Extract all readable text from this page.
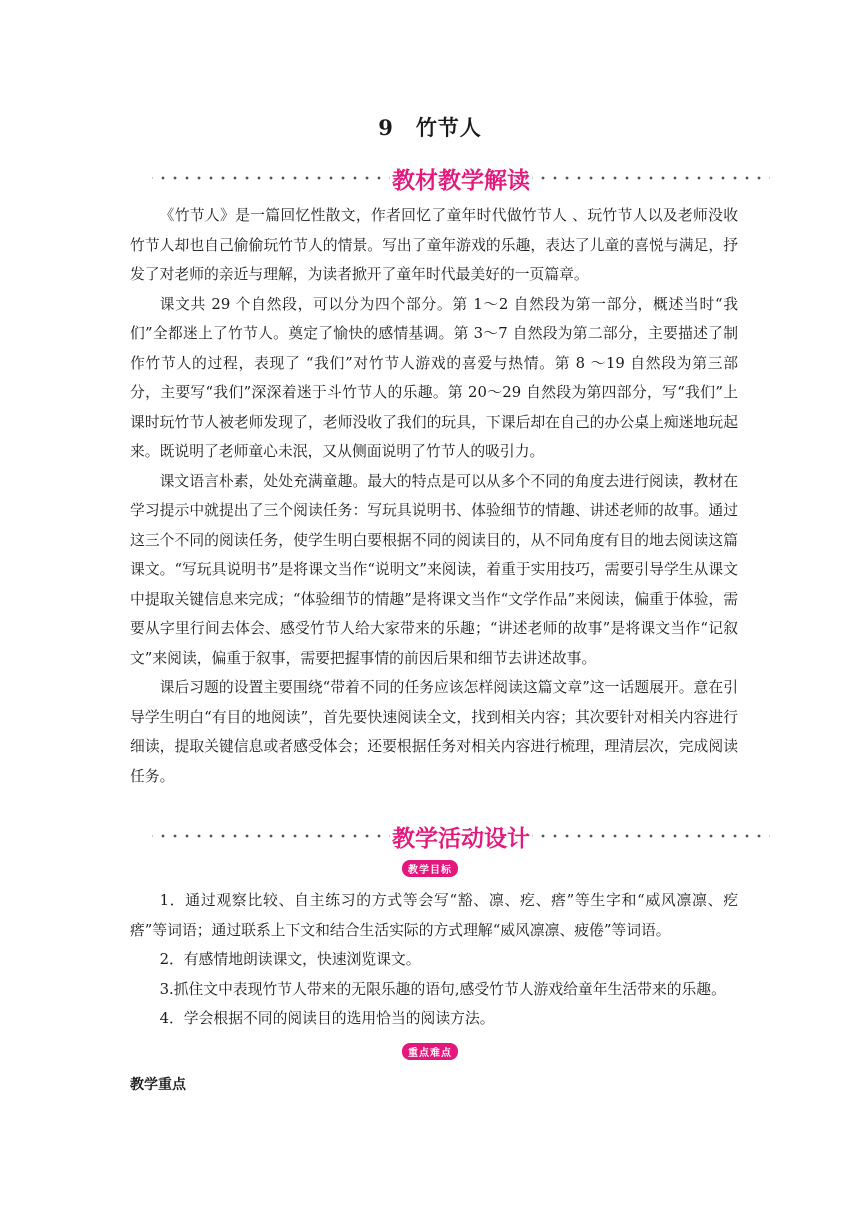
9 竹节人
教材教学解读

《竹节人》是一篇回忆性散文，作者回忆了童年时代做竹节人 、玩竹节人以及老师没收竹节人却也自己偷偷玩竹节人的情景。写出了童年游戏的乐趣，表达了儿童的喜悦与满足，抒发了对老师的亲近与理解，为读者掀开了童年时代最美好的一页篇章。

课文共 29 个自然段，可以分为四个部分。第 1～2 自然段为第一部分，概述当时“我们”全都迷上了竹节人。奠定了愉快的感情基调。第 3～7 自然段为第二部分，主要描述了制作竹节人的过程，表现了 “我们”对竹节人游戏的喜爱与热情。第 8 ～19 自然段为第三部分，主要写“我们”深深着迷于斗竹节人的乐趣。第 20～29 自然段为第四部分，写“我们”上课时玩竹节人被老师发现了，老师没收了我们的玩具，下课后却在自己的办公桌上痴迷地玩起来。既说明了老师童心未泯，又从侧面说明了竹节人的吸引力。

课文语言朴素，处处充满童趣。最大的特点是可以从多个不同的角度去进行阅读，教材在学习提示中就提出了三个阅读任务：写玩具说明书、体验细节的情趣、讲述老师的故事。通过这三个不同的阅读任务，使学生明白要根据不同的阅读目的，从不同角度有目的地去阅读这篇课文。“写玩具说明书”是将课文当作“说明文”来阅读，着重于实用技巧，需要引导学生从课文中提取关键信息来完成；“体验细节的情趣”是将课文当作“文学作品”来阅读，偏重于体验，需要从字里行间去体会、感受竹节人给大家带来的乐趣；“讲述老师的故事”是将课文当作“记叙文”来阅读，偏重于叙事，需要把握事情的前因后果和细节去讲述故事。

课后习题的设置主要围绕“带着不同的任务应该怎样阅读这篇文章”这一话题展开。意在引导学生明白“有目的地阅读”，首先要快速阅读全文，找到相关内容；其次要针对相关内容进行细读，提取关键信息或者感受体会；还要根据任务对相关内容进行梳理，理清层次，完成阅读任务。

教学活动设计
教学目标

1．通过观察比较、自主练习的方式等会写“豁、凛、疙、瘩”等生字和“威风凛凛、疙瘩”等词语；通过联系上下文和结合生活实际的方式理解“威风凛凛、疲倦”等词语。

2．有感情地朗读课文，快速浏览课文。

3.抓住文中表现竹节人带来的无限乐趣的语句,感受竹节人游戏给童年生活带来的乐趣。

4．学会根据不同的阅读目的选用恰当的阅读方法。

重点难点
教学重点
